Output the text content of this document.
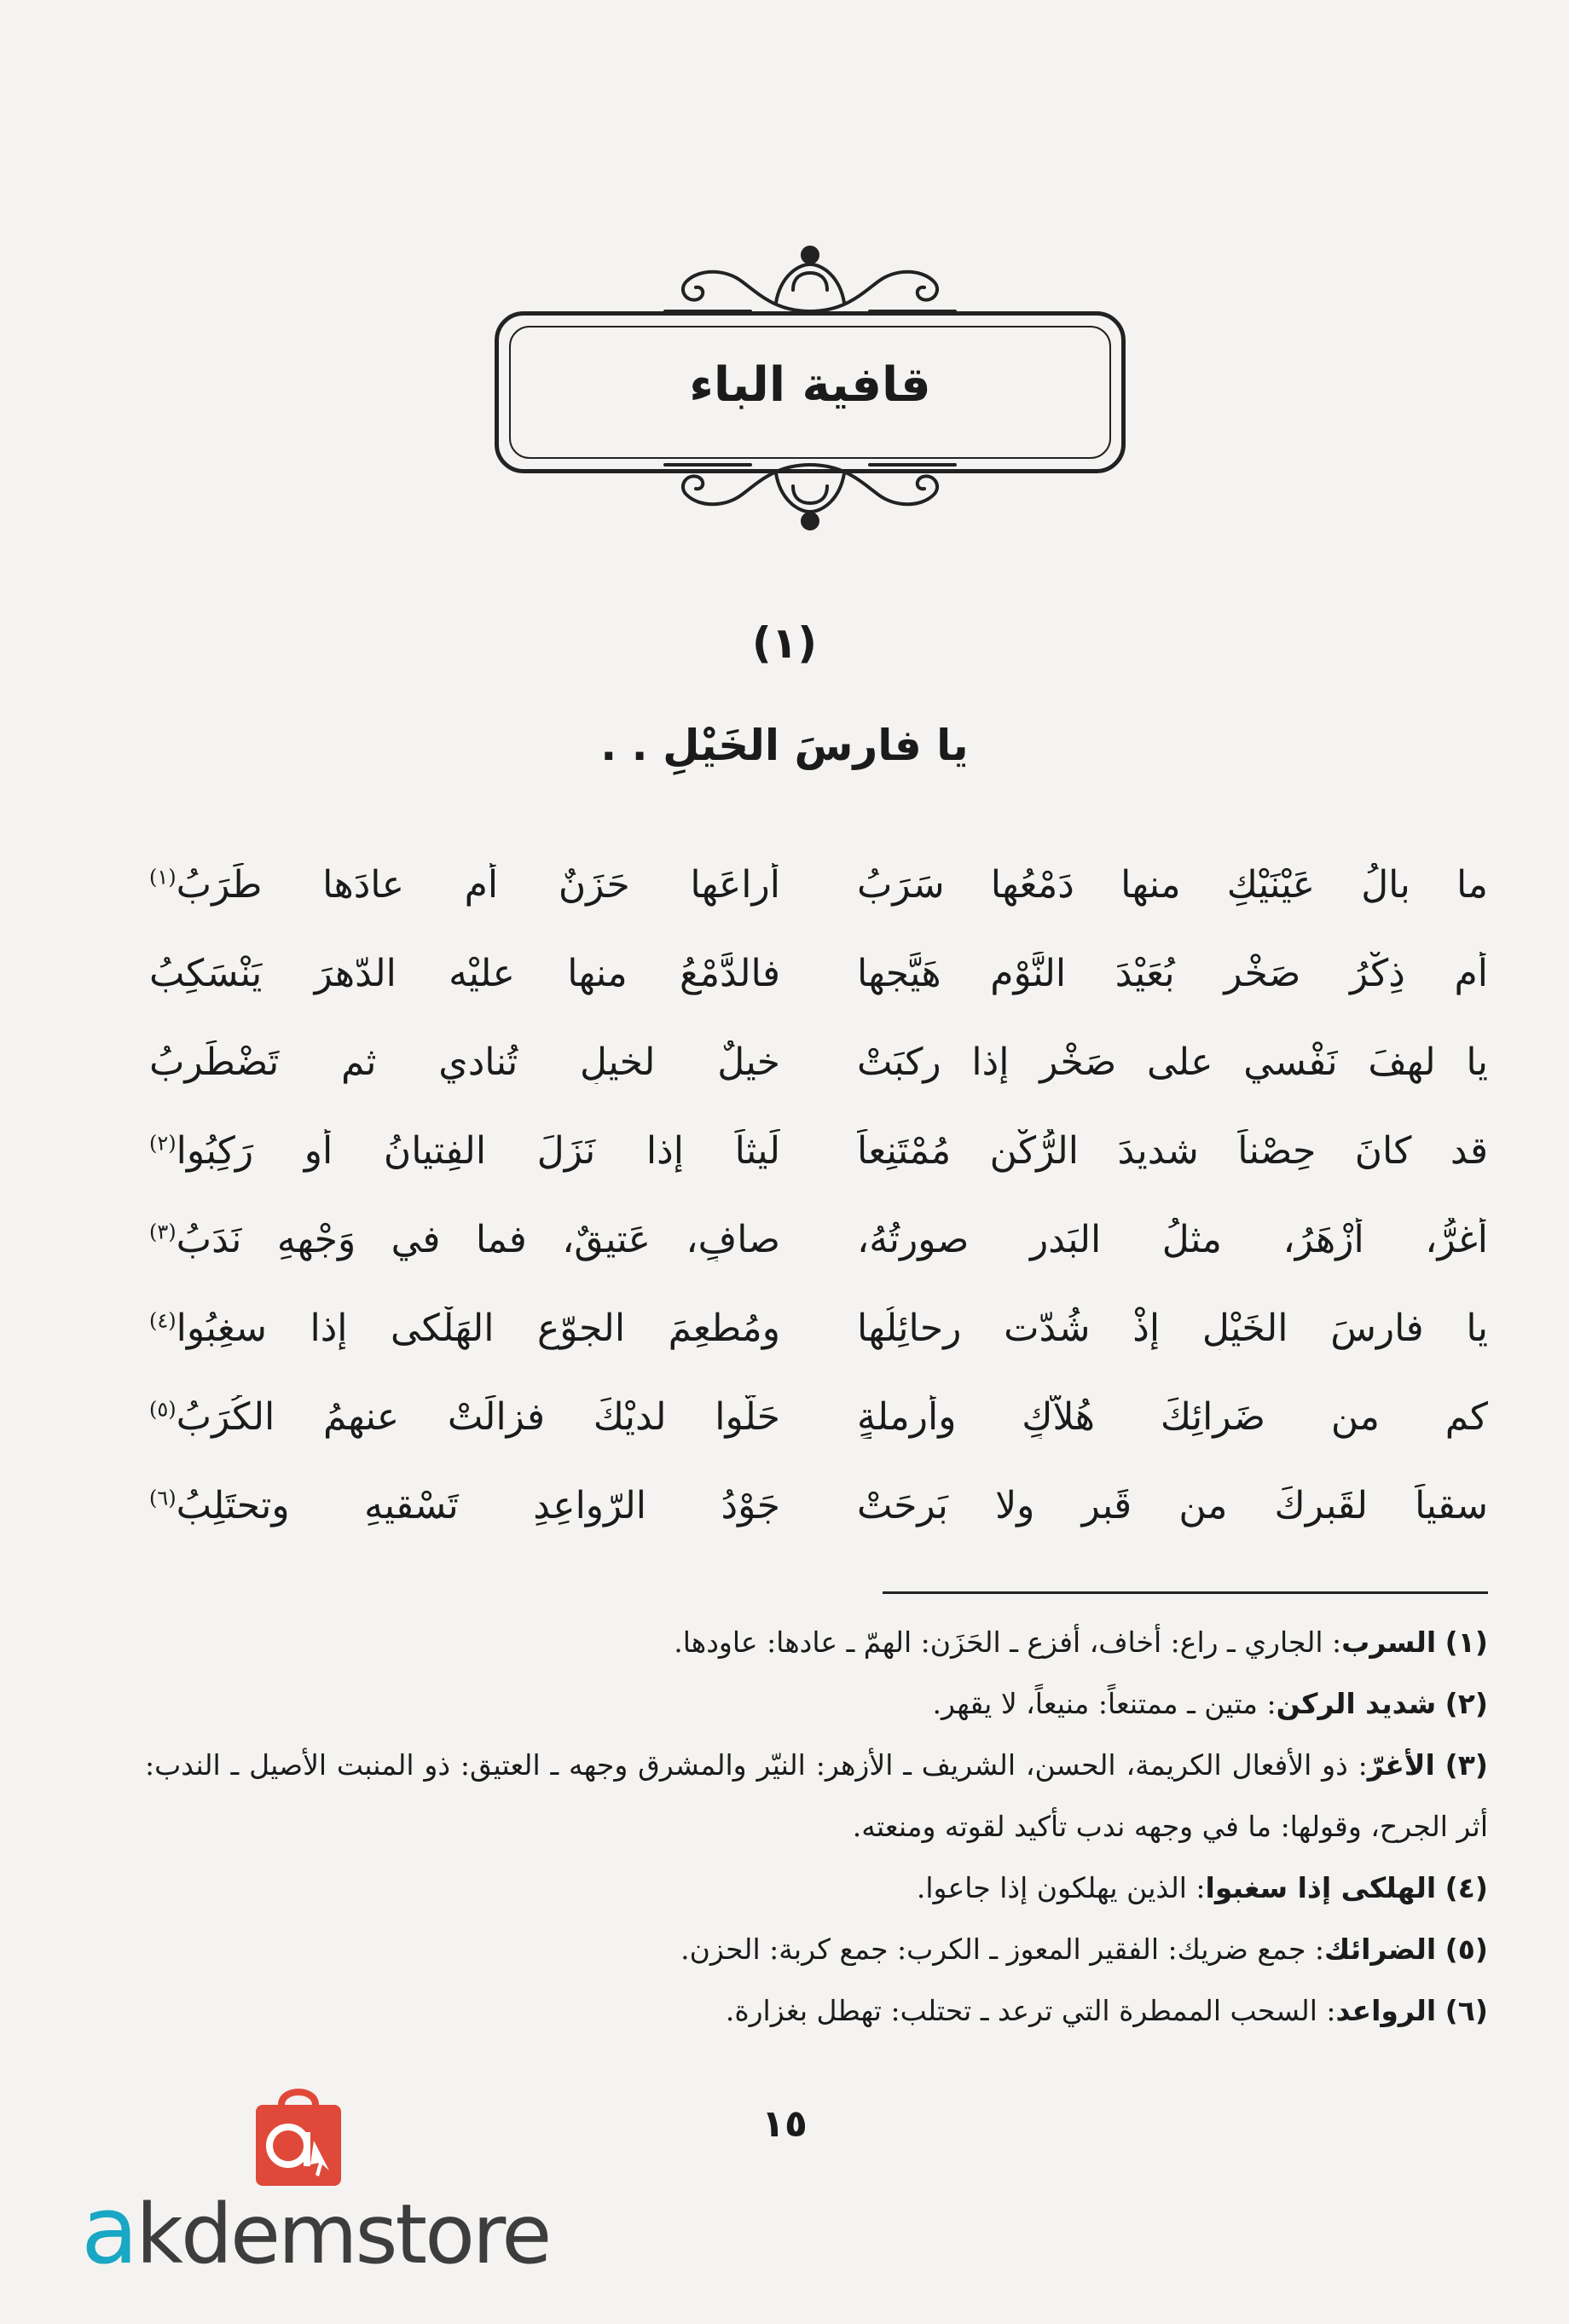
قافية الباء
(١)
يا فارسَ الخَيْلِ . .
ما بالُ عَيْنَيْكِ منها دَمْعُها سَرَبُ
أراعَها حَزَنٌ أم عادَها طَرَبُ$^{(١)}$
أم ذِكْرُ صَخْرٍ بُعَيْدَ النَّوْمِ هَيَّجها
فالدَّمْعُ منها عليْه الدّهرَ يَنْسَكِبُ
يا لهفَ نَفْسي على صَخْرٍ إذا ركبَتْ
خيلٌ لخيلٍ تُنادي ثم تَضْطَرِبُ
قد كانَ حِصْناً شديدَ الرُّكْنِ مُمْتَنِعاً
لَيثاً إذا نَزَلَ الفِتيانُ أو رَكِبُوا$^{(٢)}$
أغرُّ، أزْهَرُ، مثلُ البَدرِ صورتُهُ،
صافٍ، عَتيقٌ، فما في وَجْهِهِ نَدَبُ$^{(٣)}$
يا فارسَ الخَيْلِ إذْ شُدّت رحائِلُها
ومُطعِمَ الجوّعِ الهَلْكى إذا سغِبُوا$^{(٤)}$
كم من ضَرائِكَ هُلاّكٍ وأرملةٍ
حَلّوا لديْكَ فزالَتْ عنهمُ الكُرَبُ$^{(٥)}$
سقياً لقَبرِكَ من قَبرٍ ولا بَرِحَتْ
جَوْدُ الرّواعِدِ تَسْقيهِ وتحتَلِبُ$^{(٦)}$
(١) السرب: الجاري ـ راع: أخاف، أفزع ـ الحَزَن: الهمّ ـ عادها: عاودها.
(٢) شديد الركن: متين ـ ممتنعاً: منيعاً، لا يقهر.
(٣) الأغرّ: ذو الأفعال الكريمة، الحسن، الشريف ـ الأزهر: النيّر والمشرق وجهه ـ العتيق: ذو المنبت الأصيل ـ الندب: أثر الجرح، وقولها: ما في وجهه ندب تأكيد لقوته ومنعته.
(٤) الهلكى إذا سغبوا: الذين يهلكون إذا جاعوا.
(٥) الضرائك: جمع ضريك: الفقير المعوز ـ الكرب: جمع كربة: الحزن.
(٦) الرواعد: السحب الممطرة التي ترعد ـ تحتلب: تهطل بغزارة.
١٥
akdemstore
